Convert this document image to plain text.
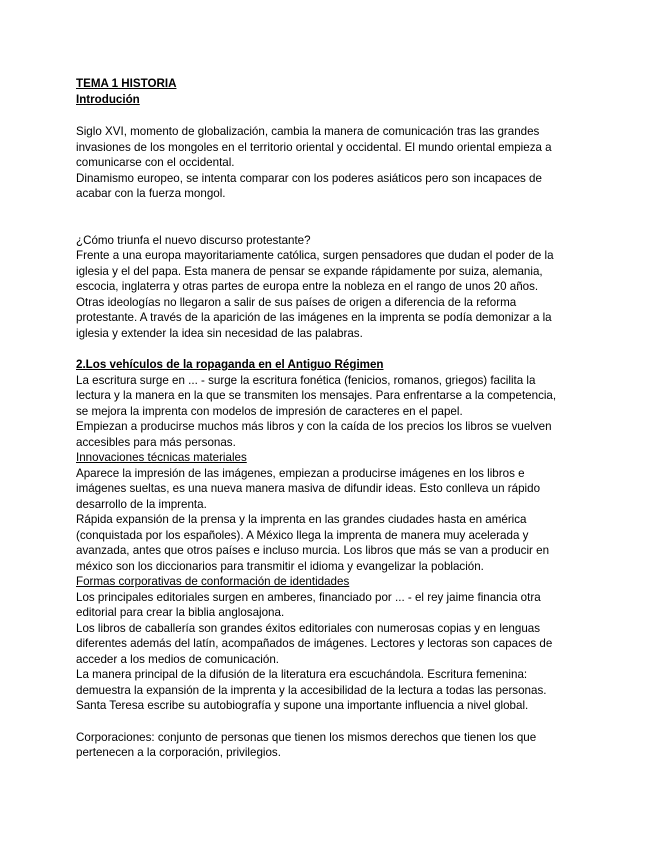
TEMA 1 HISTORIA

Introdución

Siglo XVI, momento de globalización, cambia la manera de comunicación tras las grandes

invasiones de los mongoles en el territorio oriental y occidental. El mundo oriental empieza a

comunicarse con el occidental.

Dinamismo europeo, se intenta comparar con los poderes asiáticos pero son incapaces de

acabar con la fuerza mongol.

¿Cómo triunfa el nuevo discurso protestante?

Frente a una europa mayoritariamente católica, surgen pensadores que dudan el poder de la

iglesia y el del papa. Esta manera de pensar se expande rápidamente por suiza, alemania,

escocia, inglaterra y otras partes de europa entre la nobleza en el rango de unos 20 años.

Otras ideologías no llegaron a salir de sus países de origen a diferencia de la reforma

protestante. A través de la aparición de las imágenes en la imprenta se podía demonizar a la

iglesia y extender la idea sin necesidad de las palabras.

2.Los vehículos de la ropaganda en el Antiguo Régimen

La escritura surge en ... - surge la escritura fonética (fenicios, romanos, griegos) facilita la

lectura y la manera en la que se transmiten los mensajes. Para enfrentarse a la competencia,

se mejora la imprenta con modelos de impresión de caracteres en el papel.

Empiezan a producirse muchos más libros y con la caída de los precios los libros se vuelven

accesibles para más personas.

Innovaciones técnicas materiales

Aparece la impresión de las imágenes, empiezan a producirse imágenes en los libros e

imágenes sueltas, es una nueva manera masiva de difundir ideas. Esto conlleva un rápido

desarrollo de la imprenta.

Rápida expansión de la prensa y la imprenta en las grandes ciudades hasta en américa

(conquistada por los españoles). A México llega la imprenta de manera muy acelerada y

avanzada, antes que otros países e incluso murcia. Los libros que más se van a producir en

méxico son los diccionarios para transmitir el idioma y evangelizar la población.

Formas corporativas de conformación de identidades

Los principales editoriales surgen en amberes, financiado por ... - el rey jaime financia otra

editorial para crear la biblia anglosajona.

Los libros de caballería son grandes éxitos editoriales con numerosas copias y en lenguas

diferentes además del latín, acompañados de imágenes. Lectores y lectoras son capaces de

acceder a los medios de comunicación.

La manera principal de la difusión de la literatura era escuchándola. Escritura femenina:

demuestra la expansión de la imprenta y la accesibilidad de la lectura a todas las personas.

Santa Teresa escribe su autobiografía y supone una importante influencia a nivel global.

Corporaciones: conjunto de personas que tienen los mismos derechos que tienen los que

pertenecen a la corporación, privilegios.
